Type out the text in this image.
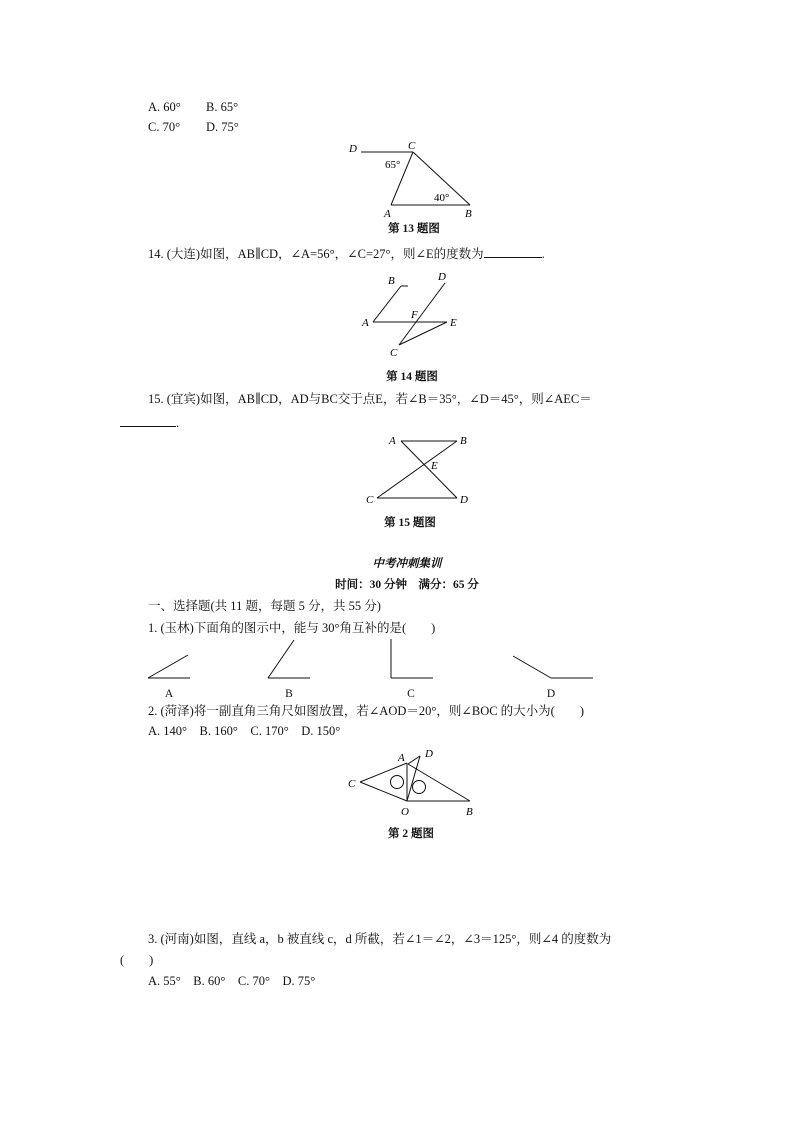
A. 60° B. 65°
C. 70° D. 75°
D	C
65°
40°
A	B
第 13 题图
14. (大连)如图，AB∥CD，∠A=56°，∠C=27°，则∠E的度数为	.
B	D
A
F
E
C
第 14 题图
15. (宜宾)如图，AB∥CD，AD与BC交于点E，若∠B＝35°，∠D＝45°，则∠AEC＝
.
A	B
E
C	D
第 15 题图
中考冲刺集训
时间：30 分钟　满分：65 分
一、选择题(共 11 题，每题 5 分，共 55 分)
1. (玉林)下面角的图示中，能与 30°角互补的是(　　)
A	B	C	D
2. (菏泽)将一副直角三角尺如图放置，若∠AOD＝20°，则∠BOC 的大小为(　　)
A. 140°　B. 160°　C. 170°　D. 150°
A D
C
O	B
第 2 题图
3. (河南)如图，直线 a，b 被直线 c，d 所截，若∠1＝∠2，∠3＝125°，则∠4 的度数为
(　　)
A. 55°　B. 60°　C. 70°　D. 75°
